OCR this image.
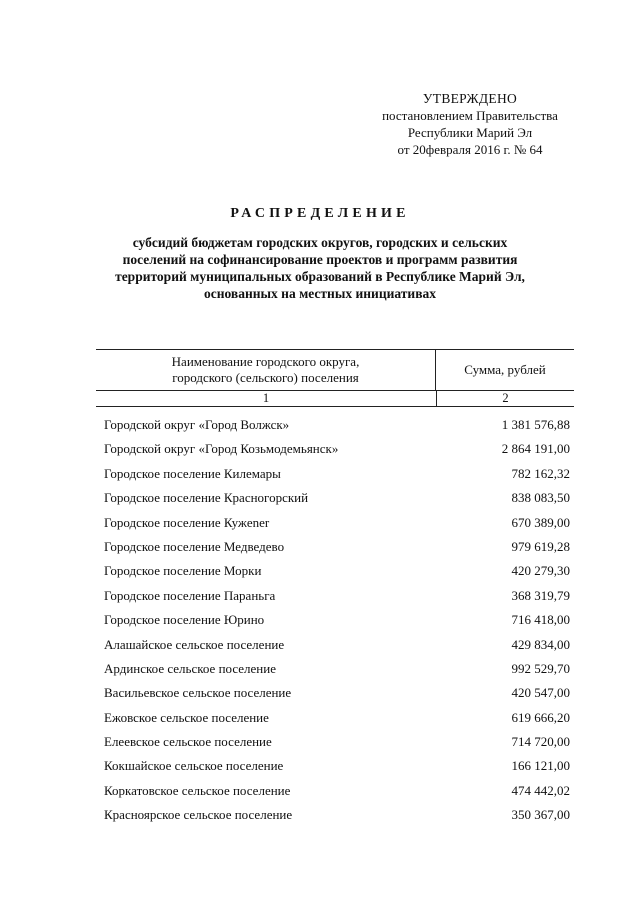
УТВЕРЖДЕНО
постановлением Правительства
Республики Марий Эл
от 20февраля 2016 г. № 64
РАСПРЕДЕЛЕНИЕ
субсидий бюджетам городских округов, городских и сельских
поселений на софинансирование проектов и программ развития
территорий муниципальных образований в Республике Марий Эл,
основанных на местных инициативах
Наименование городского округа,
городского (сельского) поселения
Сумма, рублей
1	2
Городской округ «Город Волжск»	1 381 576,88
Городской округ «Город Козьмодемьянск»	2 864 191,00
Городское поселение Килемары	782 162,32
Городское поселение Красногорский	838 083,50
Городское поселение Кужener	670 389,00
Городское поселение Медведево	979 619,28
Городское поселение Морки	420 279,30
Городское поселение Параньга	368 319,79
Городское поселение Юрино	716 418,00
Алашайское сельское поселение	429 834,00
Ардинское сельское поселение	992 529,70
Васильевское сельское поселение	420 547,00
Ежовское сельское поселение	619 666,20
Елеевское сельское поселение	714 720,00
Кокшайское сельское поселение	166 121,00
Коркатовское сельское поселение	474 442,02
Красноярское сельское поселение	350 367,00
